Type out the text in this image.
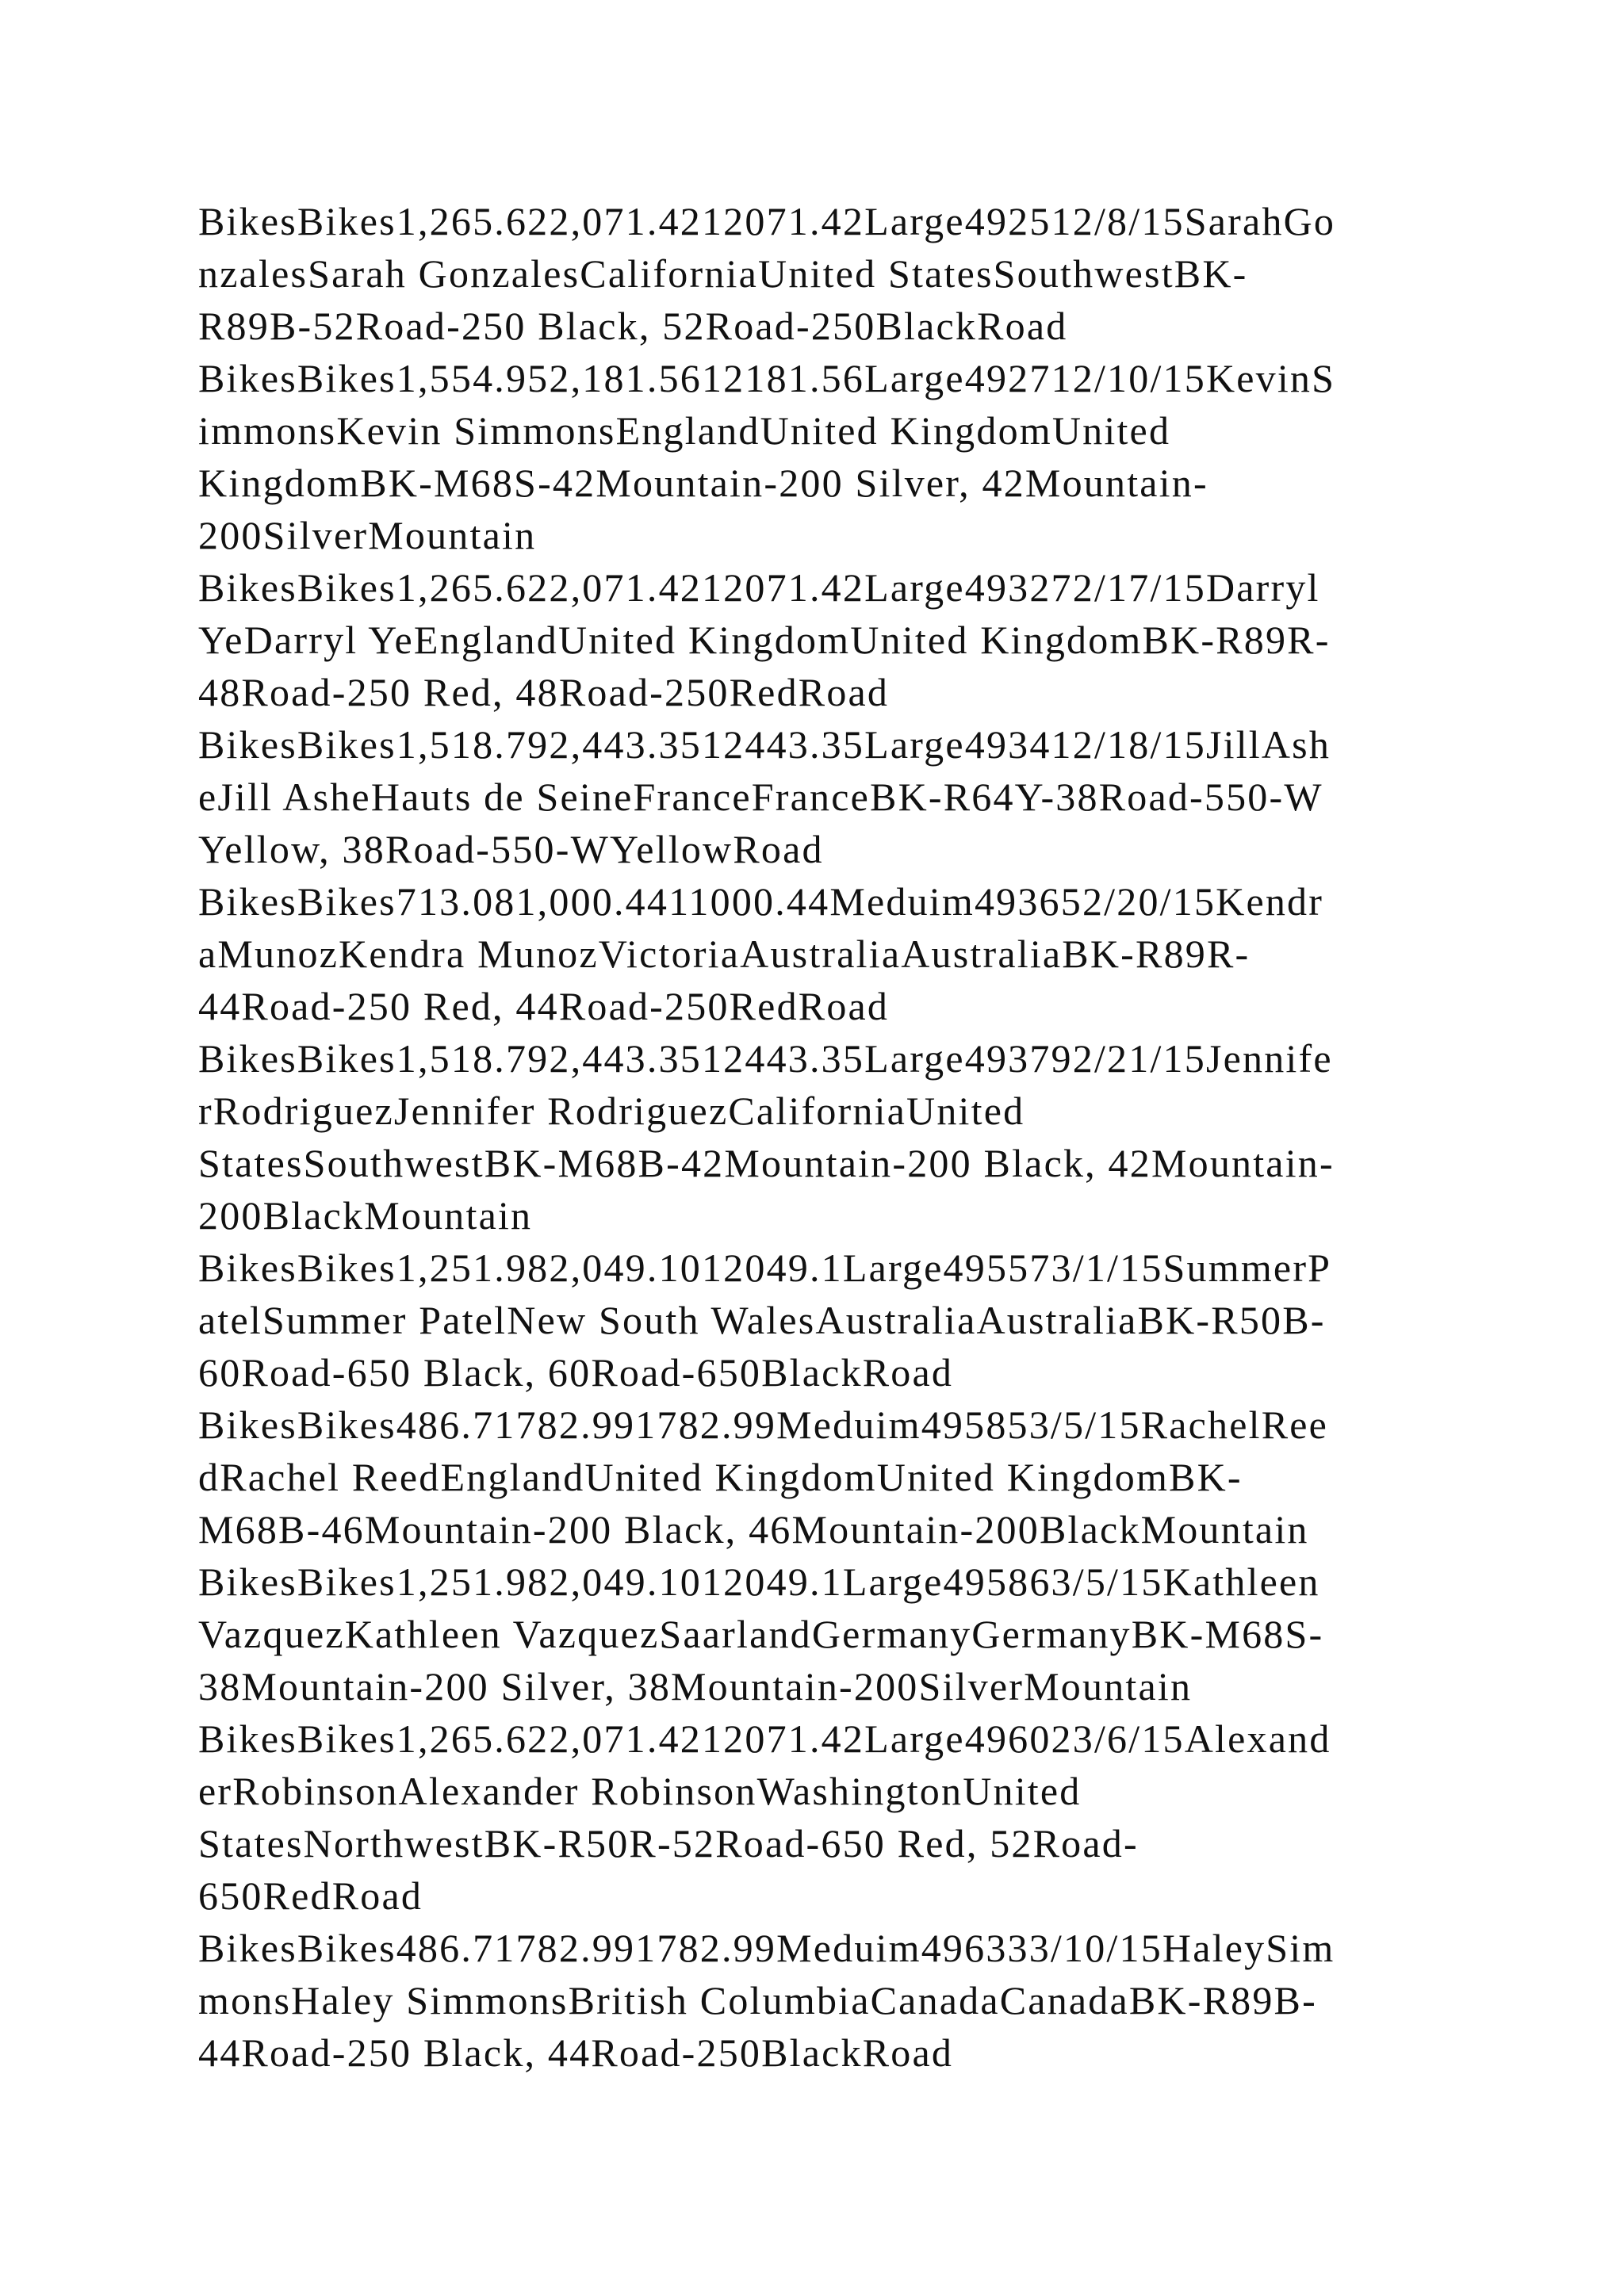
BikesBikes1,265.622,071.4212071.42Large492512/8/15SarahGo
nzalesSarah GonzalesCaliforniaUnited StatesSouthwestBK-
R89B-52Road-250 Black, 52Road-250BlackRoad
BikesBikes1,554.952,181.5612181.56Large492712/10/15KevinS
immonsKevin SimmonsEnglandUnited KingdomUnited
KingdomBK-M68S-42Mountain-200 Silver, 42Mountain-
200SilverMountain
BikesBikes1,265.622,071.4212071.42Large493272/17/15Darryl
YeDarryl YeEnglandUnited KingdomUnited KingdomBK-R89R-
48Road-250 Red, 48Road-250RedRoad
BikesBikes1,518.792,443.3512443.35Large493412/18/15JillAsh
eJill AsheHauts de SeineFranceFranceBK-R64Y-38Road-550-W
Yellow, 38Road-550-WYellowRoad
BikesBikes713.081,000.4411000.44Meduim493652/20/15Kendr
aMunozKendra MunozVictoriaAustraliaAustraliaBK-R89R-
44Road-250 Red, 44Road-250RedRoad
BikesBikes1,518.792,443.3512443.35Large493792/21/15Jennife
rRodriguezJennifer RodriguezCaliforniaUnited
StatesSouthwestBK-M68B-42Mountain-200 Black, 42Mountain-
200BlackMountain
BikesBikes1,251.982,049.1012049.1Large495573/1/15SummerP
atelSummer PatelNew South WalesAustraliaAustraliaBK-R50B-
60Road-650 Black, 60Road-650BlackRoad
BikesBikes486.71782.991782.99Meduim495853/5/15RachelRee
dRachel ReedEnglandUnited KingdomUnited KingdomBK-
M68B-46Mountain-200 Black, 46Mountain-200BlackMountain
BikesBikes1,251.982,049.1012049.1Large495863/5/15Kathleen
VazquezKathleen VazquezSaarlandGermanyGermanyBK-M68S-
38Mountain-200 Silver, 38Mountain-200SilverMountain
BikesBikes1,265.622,071.4212071.42Large496023/6/15Alexand
erRobinsonAlexander RobinsonWashingtonUnited
StatesNorthwestBK-R50R-52Road-650 Red, 52Road-
650RedRoad
BikesBikes486.71782.991782.99Meduim496333/10/15HaleySim
monsHaley SimmonsBritish ColumbiaCanadaCanadaBK-R89B-
44Road-250 Black, 44Road-250BlackRoad
